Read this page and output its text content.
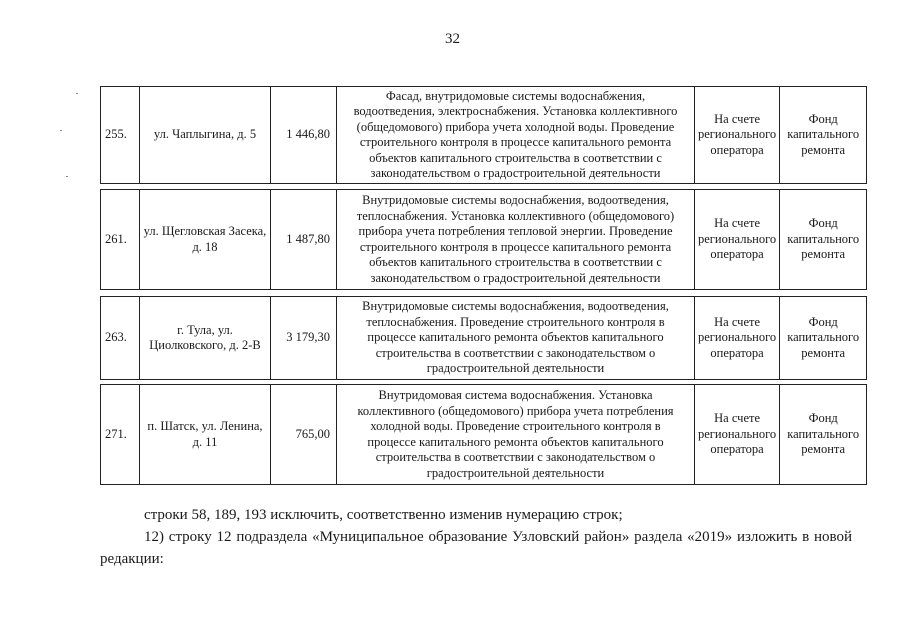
32
255.	ул. Чаплыгина, д. 5	1 446,80	Фасад, внутридомовые системы водоснабжения, водоотведения, электроснабжения. Установка коллективного (общедомового) прибора учета холодной воды. Проведение строительного контроля в процессе капитального ремонта объектов капитального строительства в соответствии с законодательством о градостроительной деятельности	На счете регионального оператора	Фонд капитального ремонта
261.	ул. Щегловская Засека, д. 18	1 487,80	Внутридомовые системы водоснабжения, водоотведения, теплоснабжения. Установка коллективного (общедомового) прибора учета потребления тепловой энергии. Проведение строительного контроля в процессе капитального ремонта объектов капитального строительства в соответствии с законодательством о градостроительной деятельности	На счете регионального оператора	Фонд капитального ремонта
263.	г. Тула, ул. Циолковского, д. 2-В	3 179,30	Внутридомовые системы водоснабжения, водоотведения, теплоснабжения. Проведение строительного контроля в процессе капитального ремонта объектов капитального строительства в соответствии с законодательством о градостроительной деятельности	На счете регионального оператора	Фонд капитального ремонта
271.	п. Шатск, ул. Ленина, д. 11	765,00	Внутридомовая система водоснабжения. Установка коллективного (общедомового) прибора учета потребления холодной воды. Проведение строительного контроля в процессе капитального ремонта объектов капитального строительства в соответствии с законодательством о градостроительной деятельности	На счете регионального оператора	Фонд капитального ремонта
строки 58, 189, 193 исключить, соответственно изменив нумерацию строк;
12) строку 12 подраздела «Муниципальное образование Узловский район» раздела «2019» изложить в новой
редакции:
